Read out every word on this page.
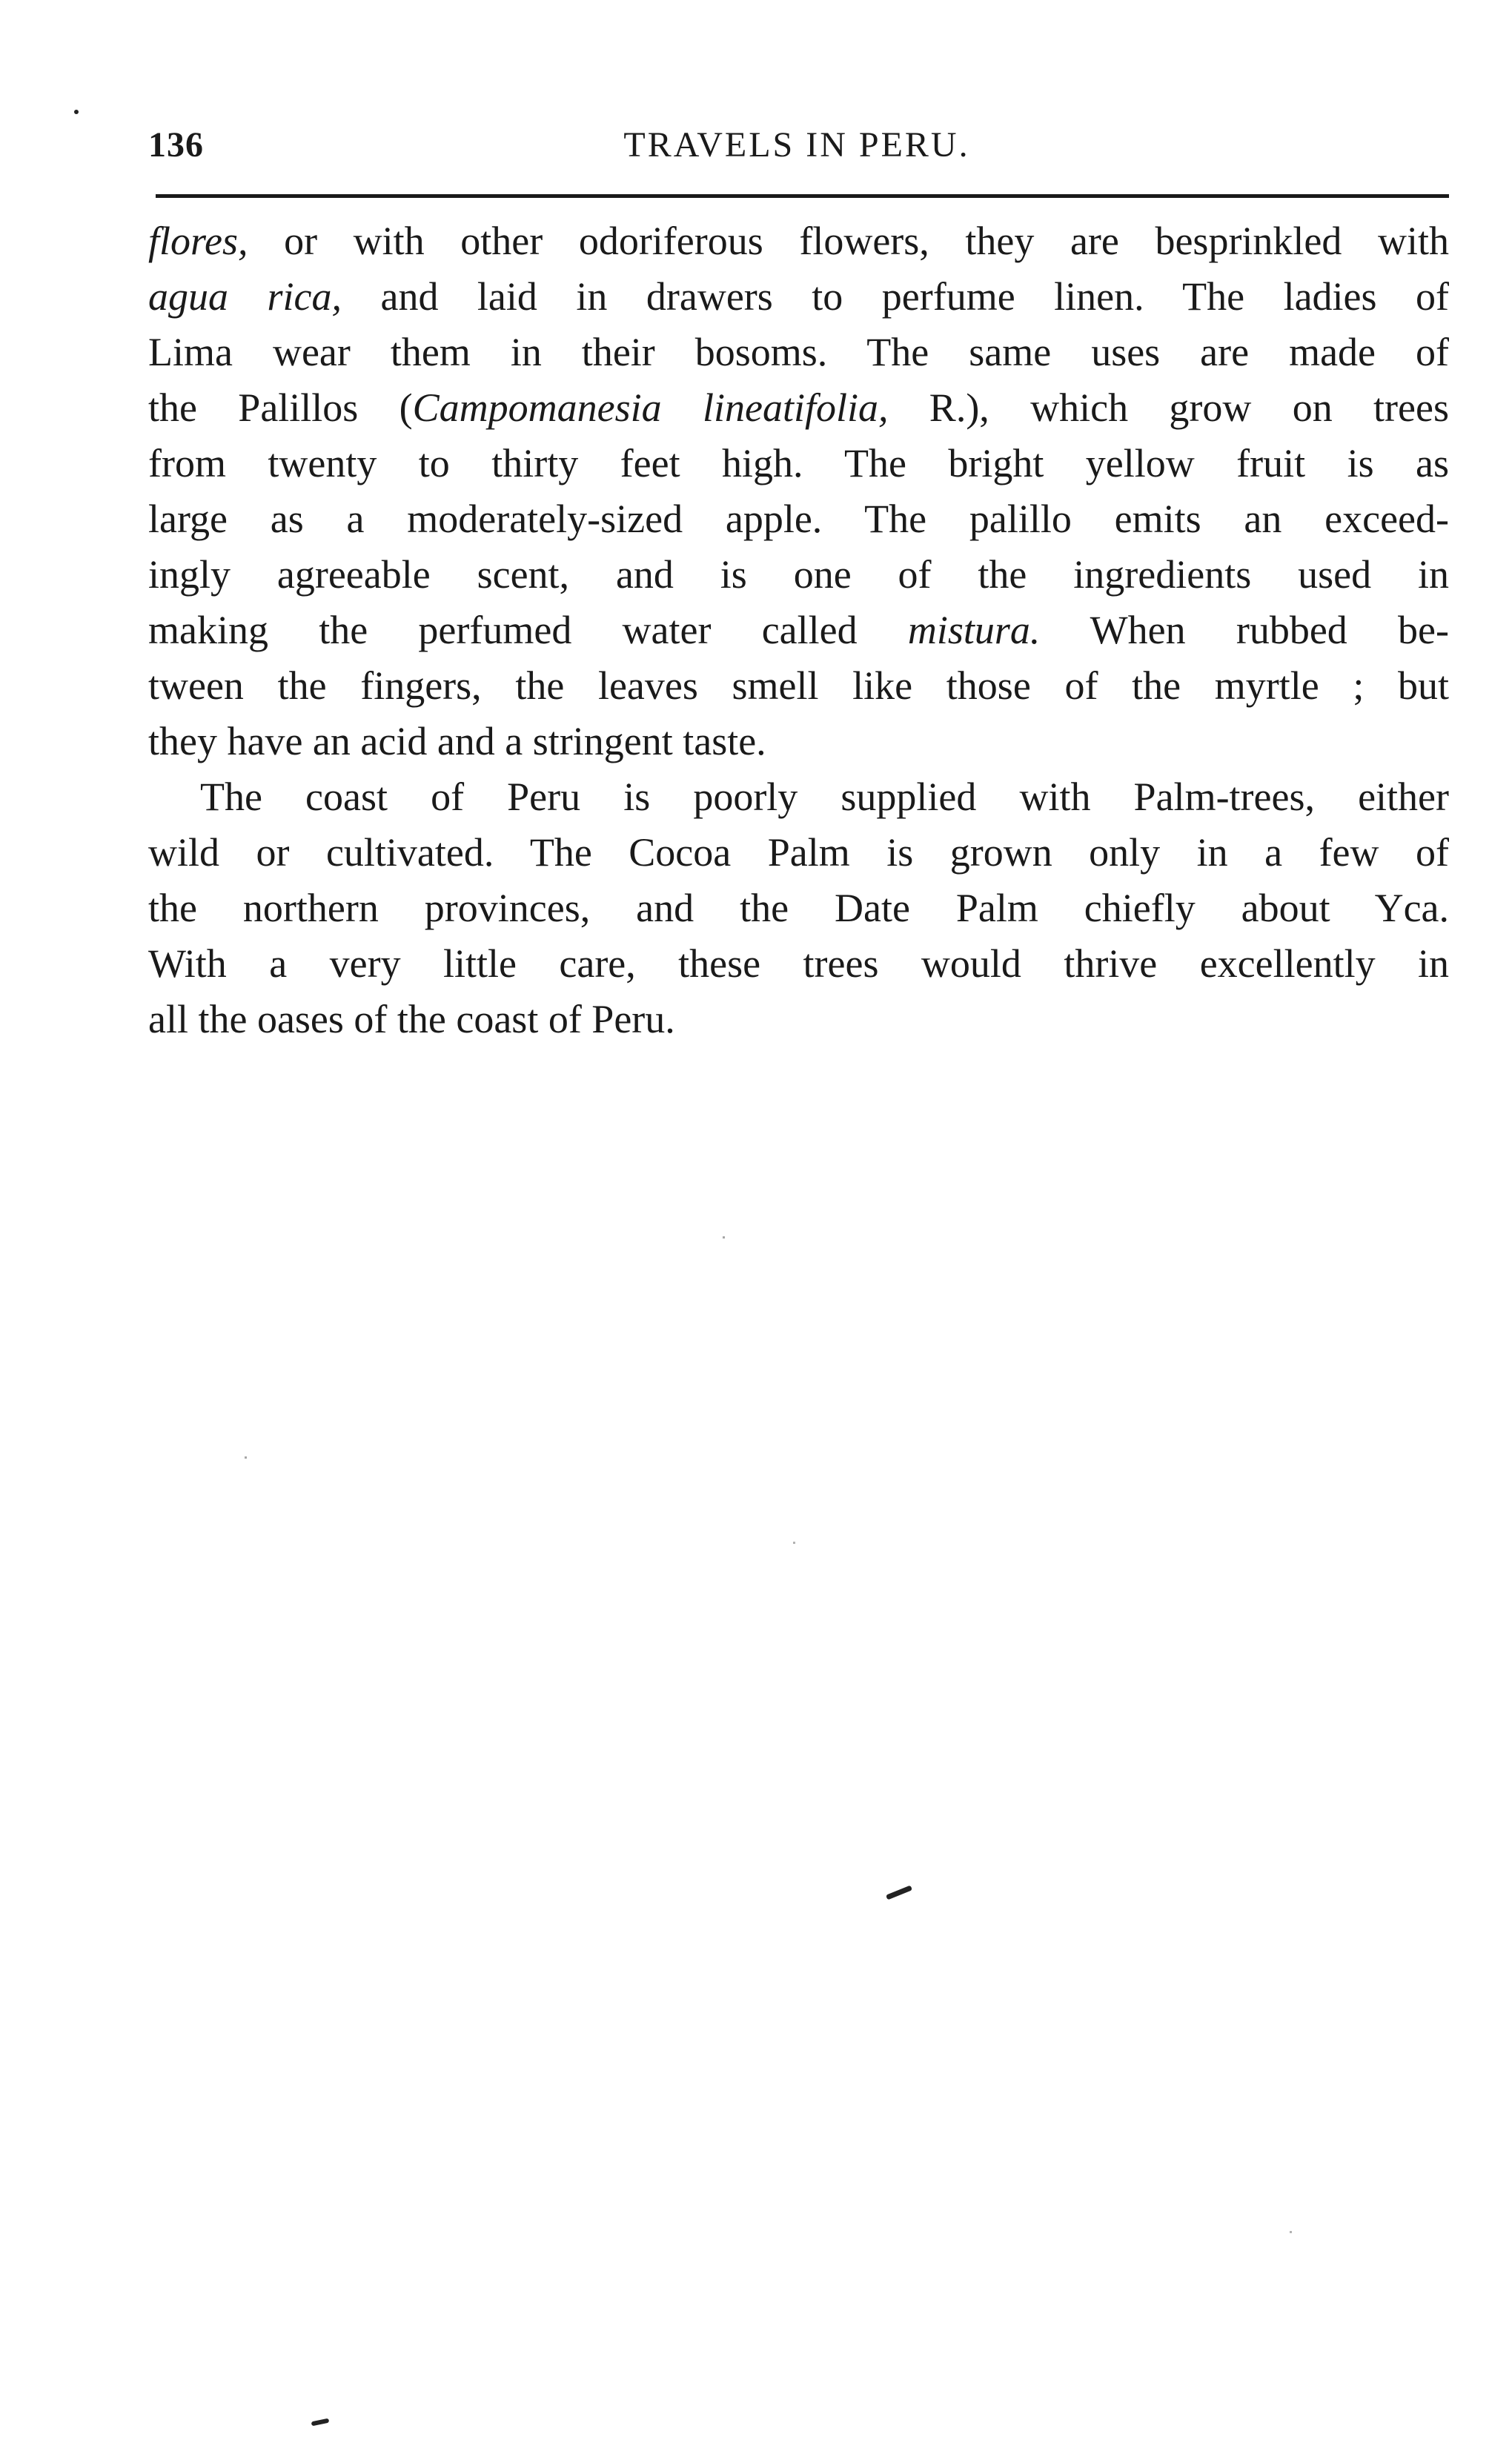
136	TRAVELS IN PERU.

flores, or with other odoriferous flowers, they are besprinkled with
agua rica, and laid in drawers to perfume linen. The ladies of
Lima wear them in their bosoms. The same uses are made of
the Palillos (Campomanesia lineatifolia, R.), which grow on trees
from twenty to thirty feet high. The bright yellow fruit is as
large as a moderately-sized apple. The palillo emits an exceed-
ingly agreeable scent, and is one of the ingredients used in
making the perfumed water called mistura. When rubbed be-
tween the fingers, the leaves smell like those of the myrtle ; but
they have an acid and a stringent taste.

The coast of Peru is poorly supplied with Palm-trees, either
wild or cultivated. The Cocoa Palm is grown only in a few of
the northern provinces, and the Date Palm chiefly about Yca.
With a very little care, these trees would thrive excellently in
all the oases of the coast of Peru.
